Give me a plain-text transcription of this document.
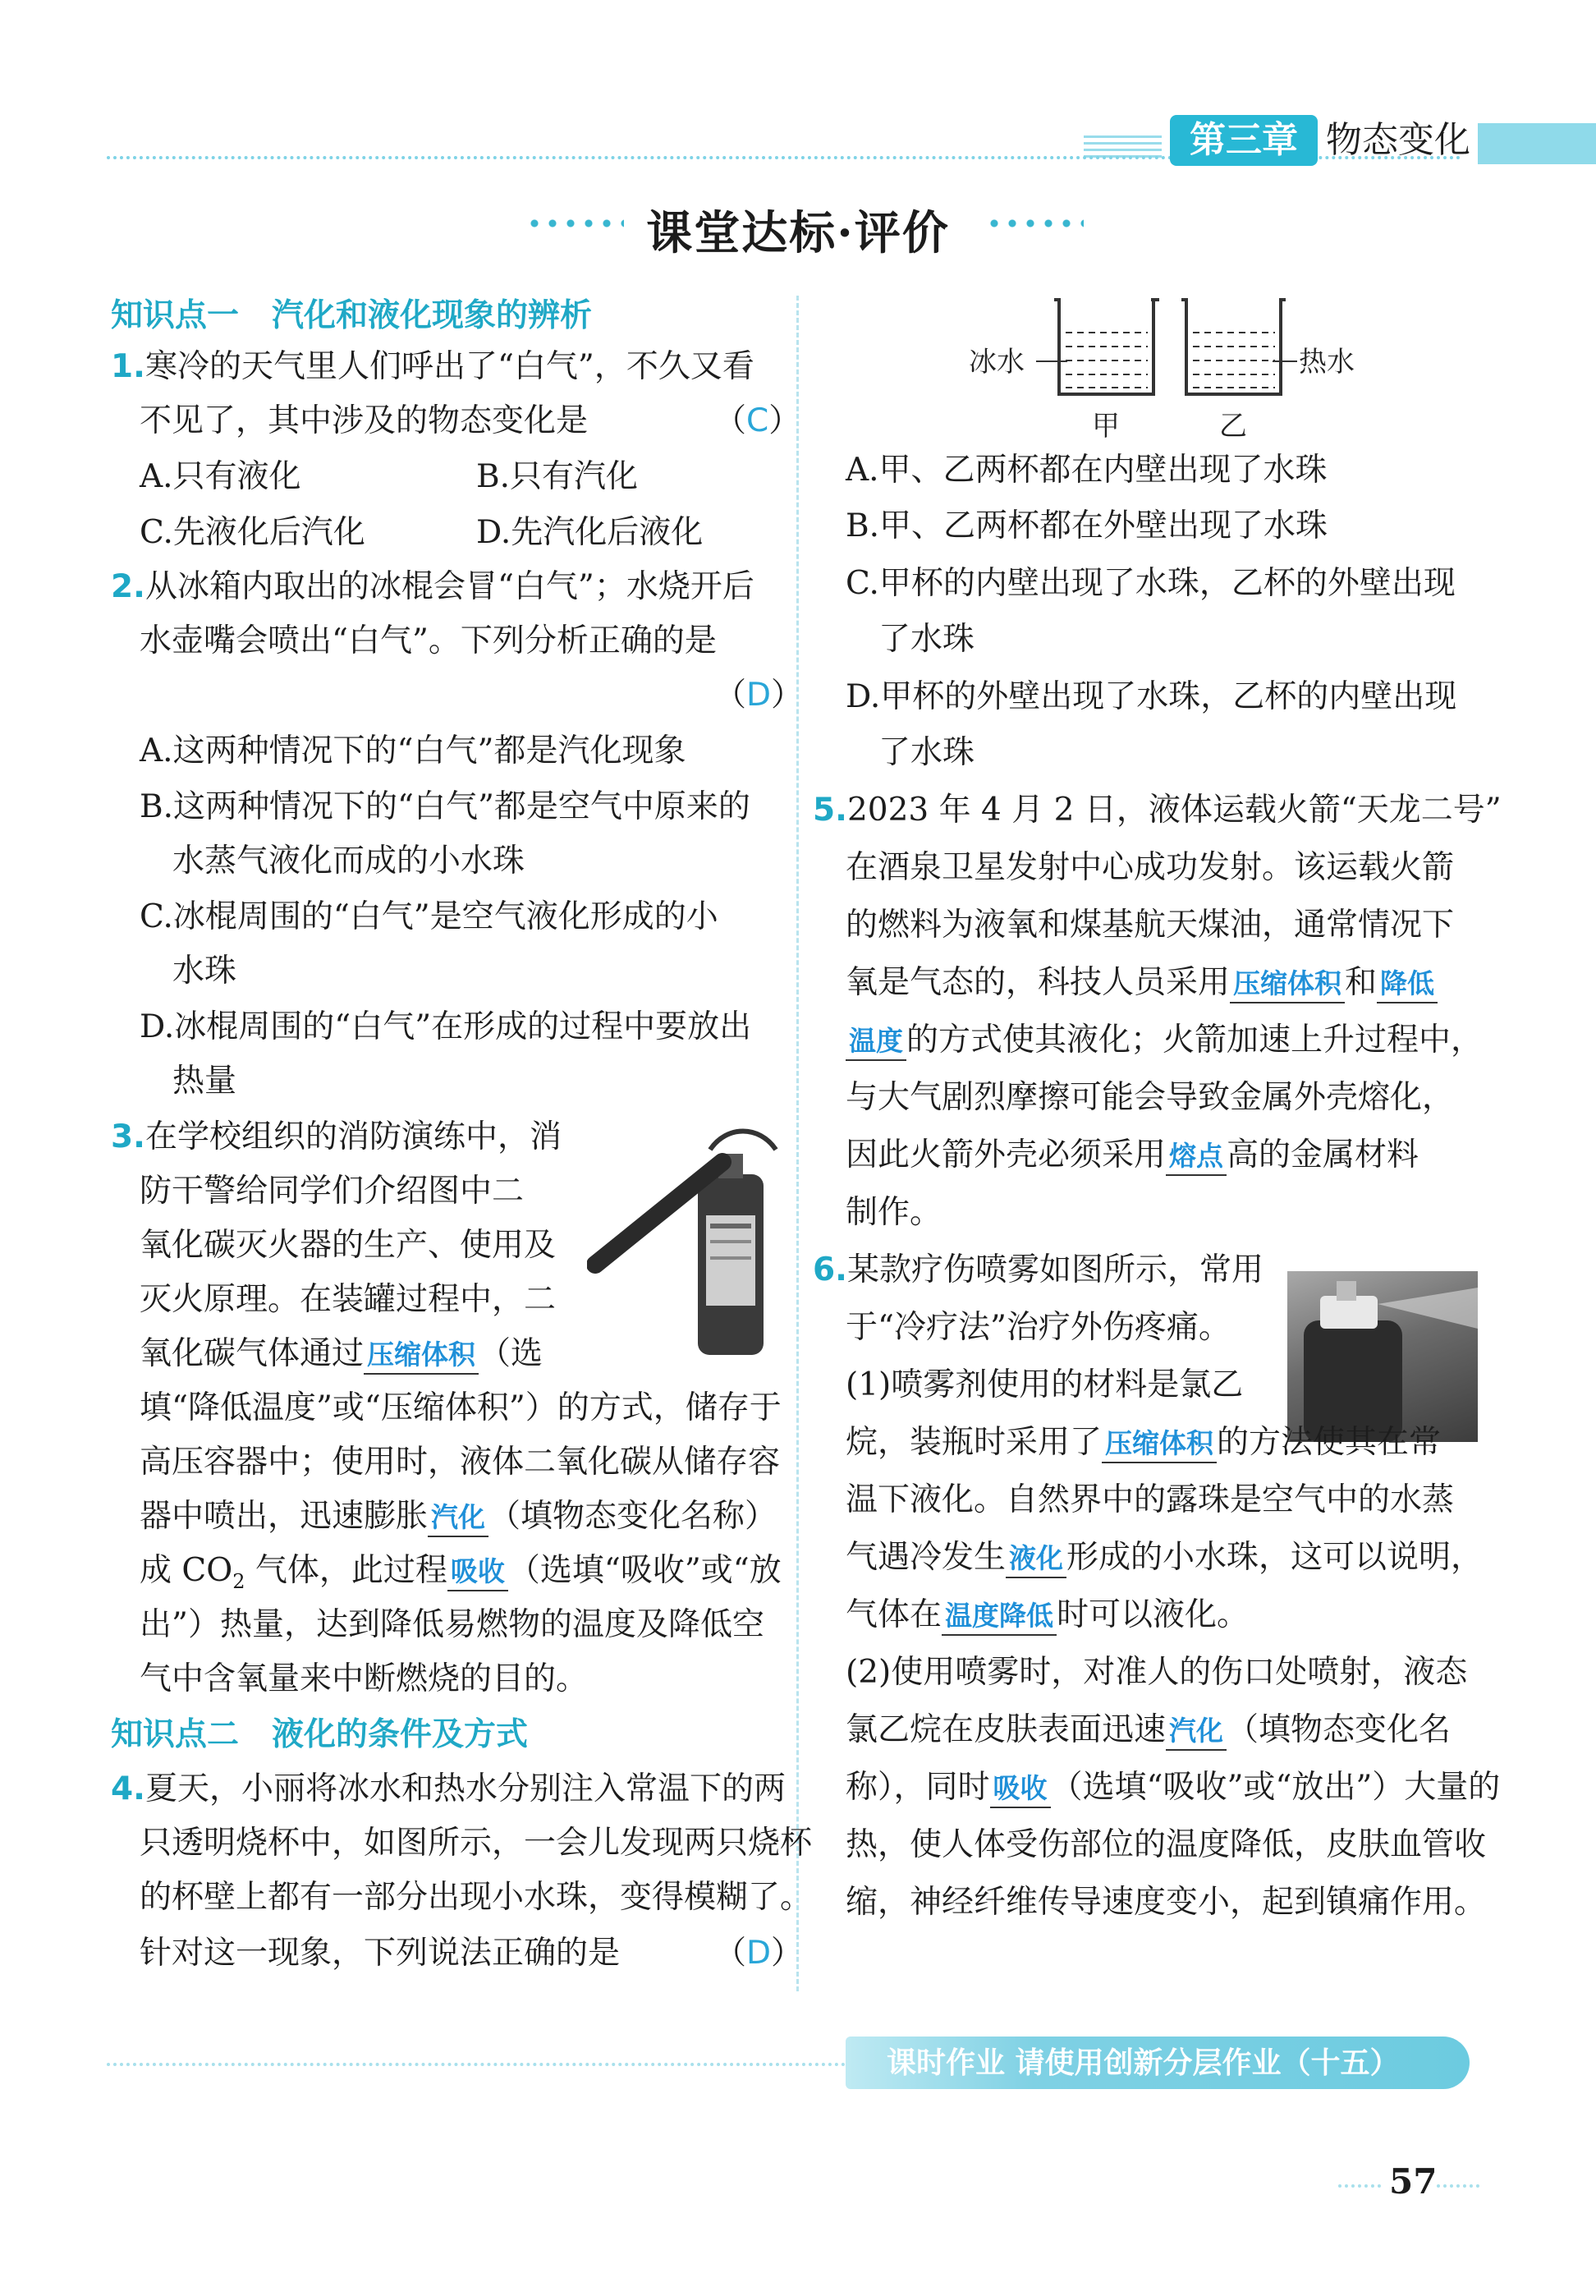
第三章 物态变化
课堂达标·评价
知识点一 汽化和液化现象的辨析
1.寒冷的天气里人们呼出了“白气”，不久又看
不见了，其中涉及的物态变化是	（C）
A.只有液化	B.只有汽化
C.先液化后汽化	D.先汽化后液化
2.从冰箱内取出的冰棍会冒“白气”；水烧开后
水壶嘴会喷出“白气”。下列分析正确的是
（D）
A.这两种情况下的“白气”都是汽化现象
B.这两种情况下的“白气”都是空气中原来的
水蒸气液化而成的小水珠
C.冰棍周围的“白气”是空气液化形成的小
水珠
D.冰棍周围的“白气”在形成的过程中要放出
热量
3.在学校组织的消防演练中，消
防干警给同学们介绍图中二
氧化碳灭火器的生产、使用及
灭火原理。在装罐过程中，二
氧化碳气体通过 压缩体积 （选
填“降低温度”或“压缩体积”）的方式，储存于
高压容器中；使用时，液体二氧化碳从储存容
器中喷出，迅速膨胀 汽化 （填物态变化名称）
成 $CO_2$ 气体，此过程 吸收 （选填“吸收”或“放
出”）热量，达到降低易燃物的温度及降低空
气中含氧量来中断燃烧的目的。
知识点二 液化的条件及方式
4.夏天，小丽将冰水和热水分别注入常温下的两
只透明烧杯中，如图所示，一会儿发现两只烧杯
的杯壁上都有一部分出现小水珠，变得模糊了。
针对这一现象，下列说法正确的是	（D）
冰水	热水
甲	乙
A.甲、乙两杯都在内壁出现了水珠
B.甲、乙两杯都在外壁出现了水珠
C.甲杯的内壁出现了水珠，乙杯的外壁出现
了水珠
D.甲杯的外壁出现了水珠，乙杯的内壁出现
了水珠
5.2023 年 4 月 2 日，液体运载火箭“天龙二号”
在酒泉卫星发射中心成功发射。该运载火箭
的燃料为液氧和煤基航天煤油，通常情况下
氧是气态的，科技人员采用 压缩体积 和 降低
温度 的方式使其液化；火箭加速上升过程中，
与大气剧烈摩擦可能会导致金属外壳熔化，
因此火箭外壳必须采用 熔点 高的金属材料
制作。
6.某款疗伤喷雾如图所示，常用
于“冷疗法”治疗外伤疼痛。
(1)喷雾剂使用的材料是氯乙
烷，装瓶时采用了 压缩体积 的方法使其在常
温下液化。自然界中的露珠是空气中的水蒸
气遇冷发生 液化 形成的小水珠，这可以说明，
气体在 温度降低 时可以液化。
(2)使用喷雾时，对准人的伤口处喷射，液态
氯乙烷在皮肤表面迅速 汽化 （填物态变化名
称），同时 吸收 （选填“吸收”或“放出”）大量的
热，使人体受伤部位的温度降低，皮肤血管收
缩，神经纤维传导速度变小，起到镇痛作用。
课时作业 请使用创新分层作业（十五）
57
